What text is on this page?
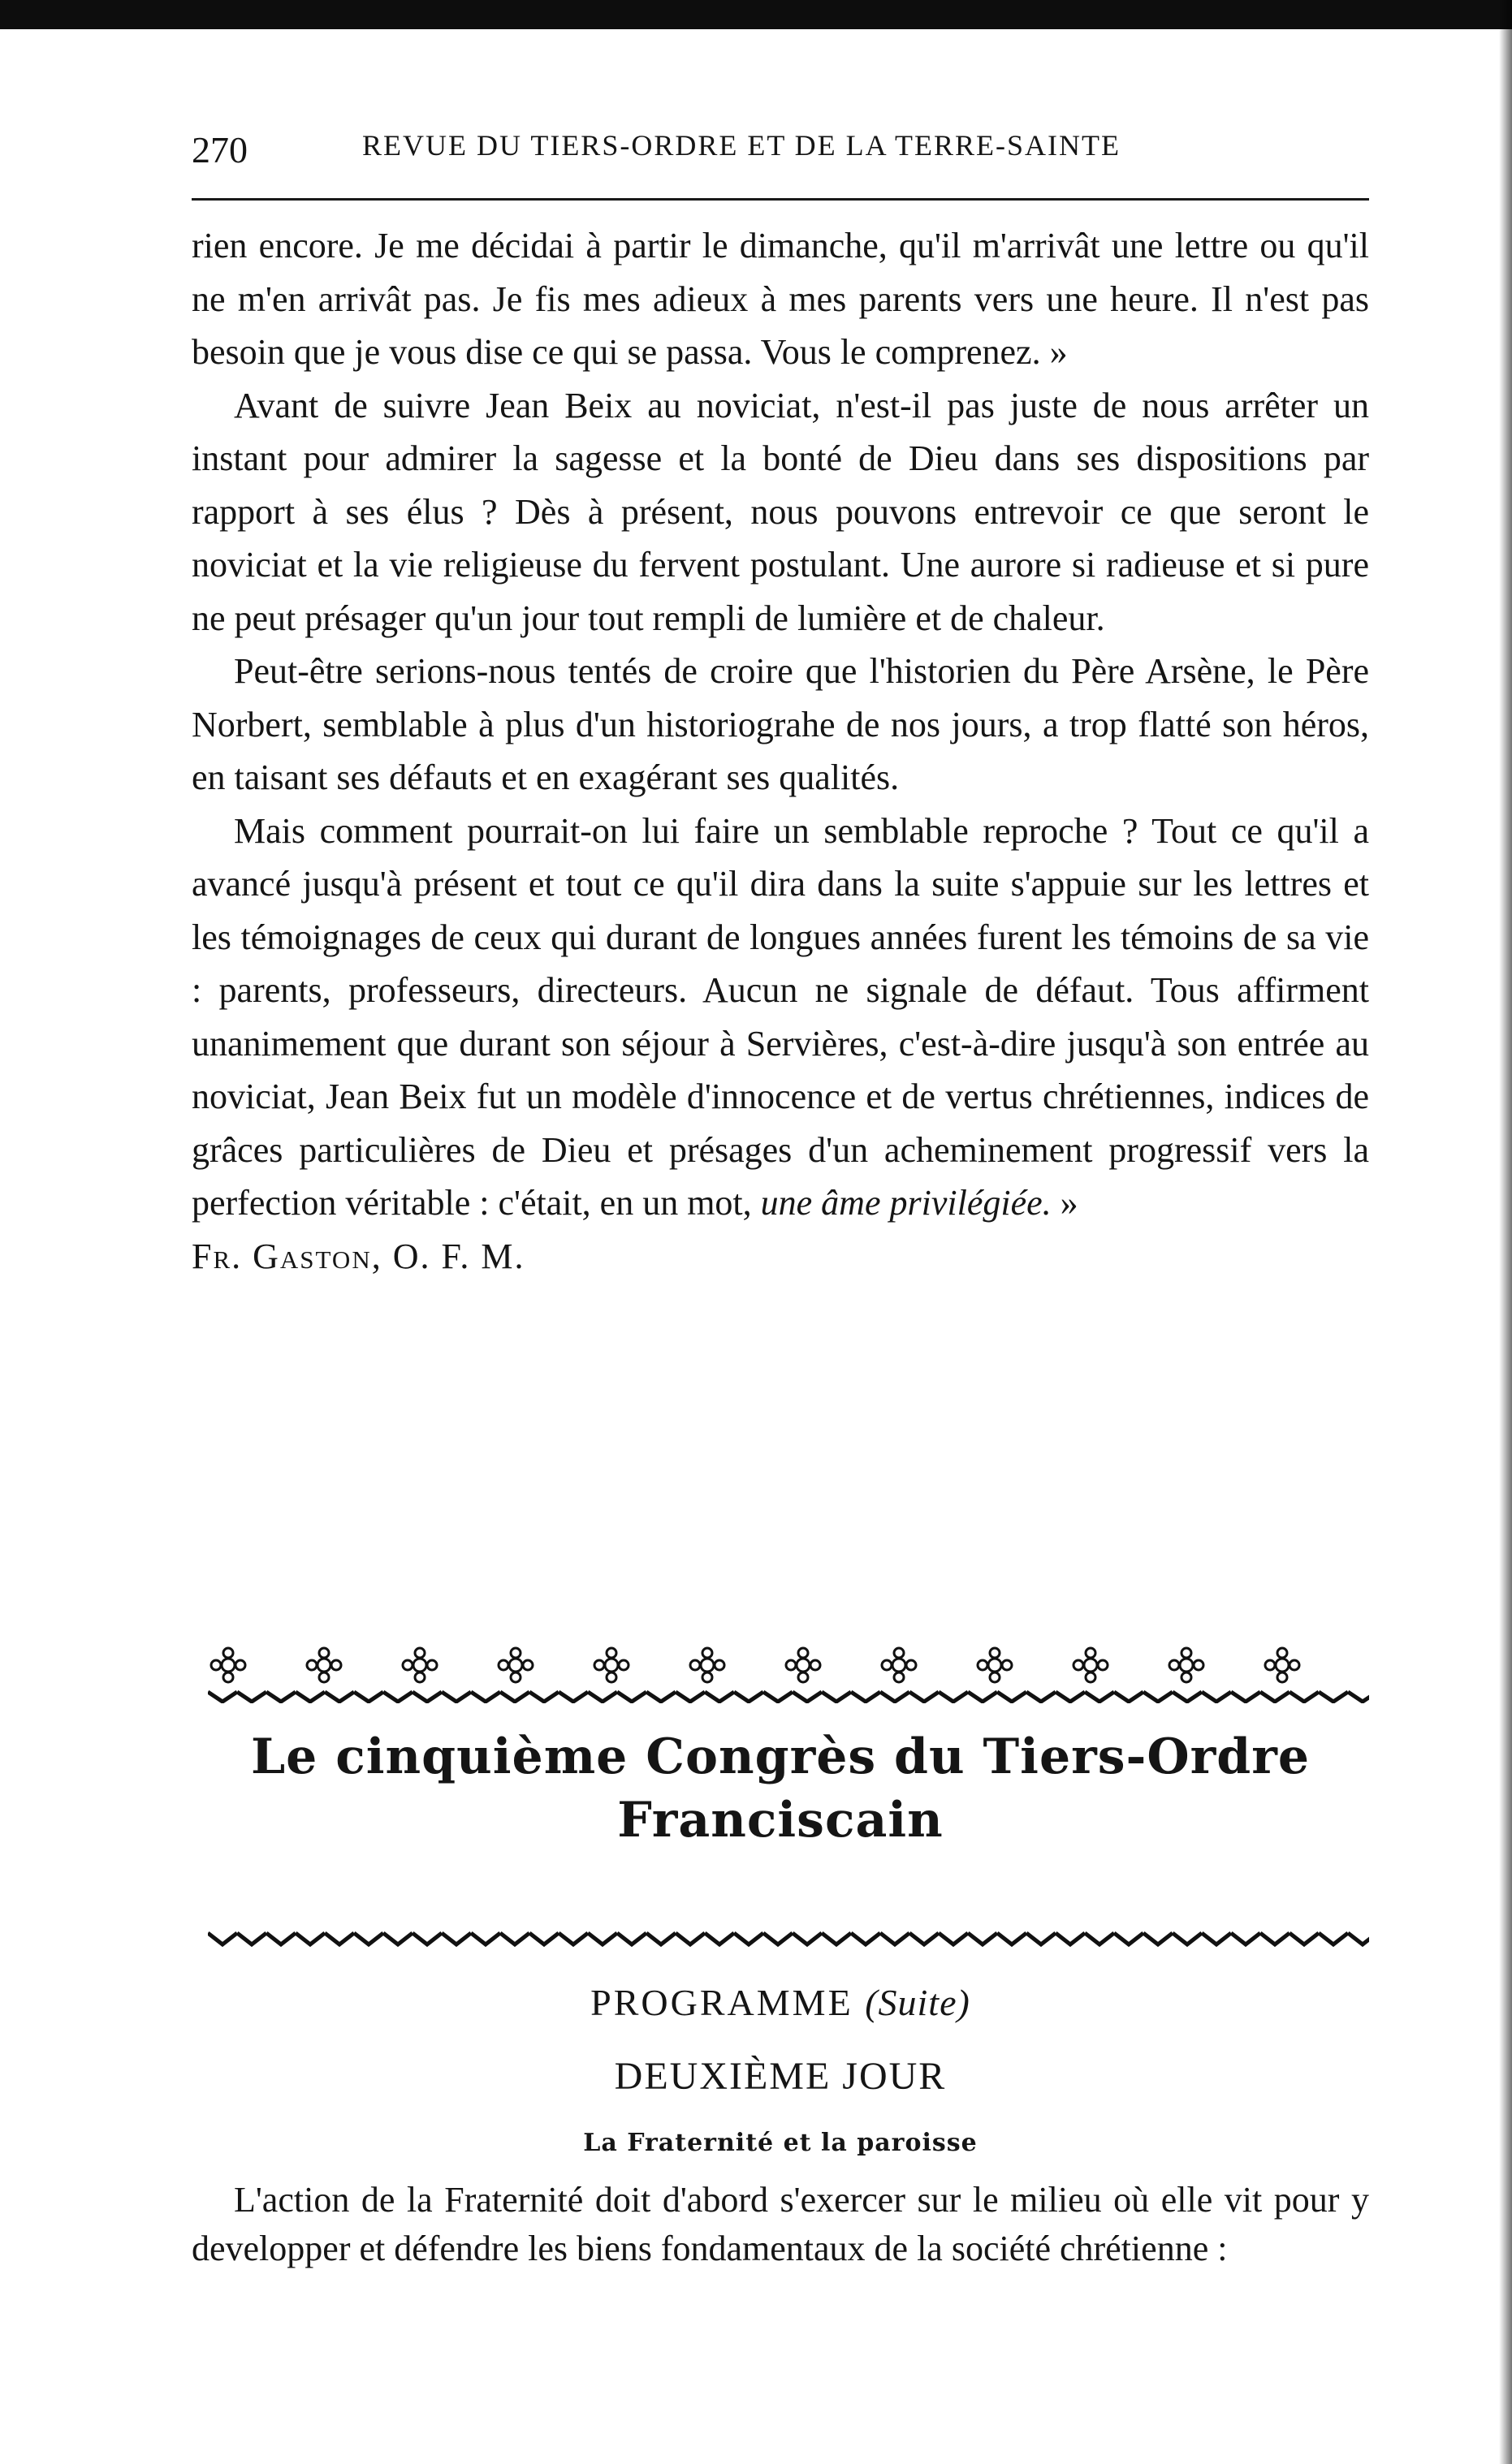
270	REVUE DU TIERS-ORDRE ET DE LA TERRE-SAINTE

rien encore. Je me décidai à partir le dimanche, qu'il m'arrivât une lettre ou qu'il ne m'en arrivât pas. Je fis mes adieux à mes parents vers une heure. Il n'est pas besoin que je vous dise ce qui se passa. Vous le comprenez. »

Avant de suivre Jean Beix au noviciat, n'est-il pas juste de nous arrêter un instant pour admirer la sagesse et la bonté de Dieu dans ses dispositions par rapport à ses élus ? Dès à présent, nous pouvons entrevoir ce que seront le noviciat et la vie religieuse du fervent postulant. Une aurore si radieuse et si pure ne peut présager qu'un jour tout rempli de lumière et de chaleur.

Peut-être serions-nous tentés de croire que l'historien du Père Arsène, le Père Norbert, semblable à plus d'un historiograhe de nos jours, a trop flatté son héros, en taisant ses défauts et en exagérant ses qualités.

Mais comment pourrait-on lui faire un semblable reproche ? Tout ce qu'il a avancé jusqu'à présent et tout ce qu'il dira dans la suite s'appuie sur les lettres et les témoignages de ceux qui durant de longues années furent les témoins de sa vie : parents, professeurs, directeurs. Aucun ne signale de défaut. Tous affirment unanimement que durant son séjour à Servières, c'est-à-dire jusqu'à son entrée au noviciat, Jean Beix fut un modèle d'innocence et de vertus chrétiennes, indices de grâces particulières de Dieu et présages d'un acheminement progressif vers la perfection véritable : c'était, en un mot, une âme privilégiée. »

Fr. Gaston, O. F. M.

Le cinquième Congrès du Tiers-Ordre
Franciscain
PROGRAMME (Suite)
DEUXIÈME JOUR
La Fraternité et la paroisse

L'action de la Fraternité doit d'abord s'exercer sur le milieu où elle vit pour y developper et défendre les biens fondamentaux de la société chrétienne :
